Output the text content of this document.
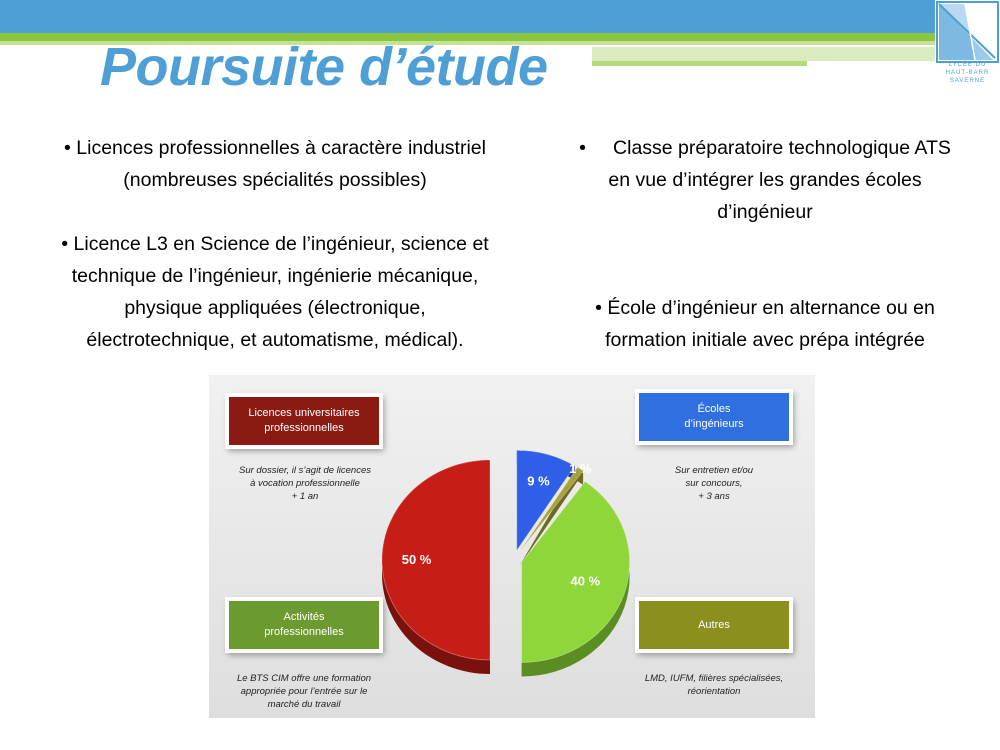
Poursuite d’étude	LYCÉE DU
HAUT-BARR
SAVERNE

• Licences professionnelles à caractère industriel

(nombreuses spécialités possibles)

• Licence L3 en Science de l’ingénieur, science et

technique de l’ingénieur, ingénierie mécanique,

physique appliquées (électronique,

électrotechnique, et automatisme, médical).

•     Classe préparatoire technologique ATS

en vue d’intégrer les grandes écoles

d’ingénieur

• École d’ingénieur en alternance ou en

formation initiale avec prépa intégrée

50 %
9 %
1 %
40 %
Licences universitaires
professionnelles
Sur dossier, il s’agit de licences
à vocation professionnelle
+ 1 an
Écoles
d’ingénieurs
Sur entretien et/ou
sur concours,
+ 3 ans
Activités
professionnelles
Le BTS CIM offre une formation
appropriée pour l’entrée sur le
marché du travail
Autres
LMD, IUFM, filières spécialisées,
réorientation
